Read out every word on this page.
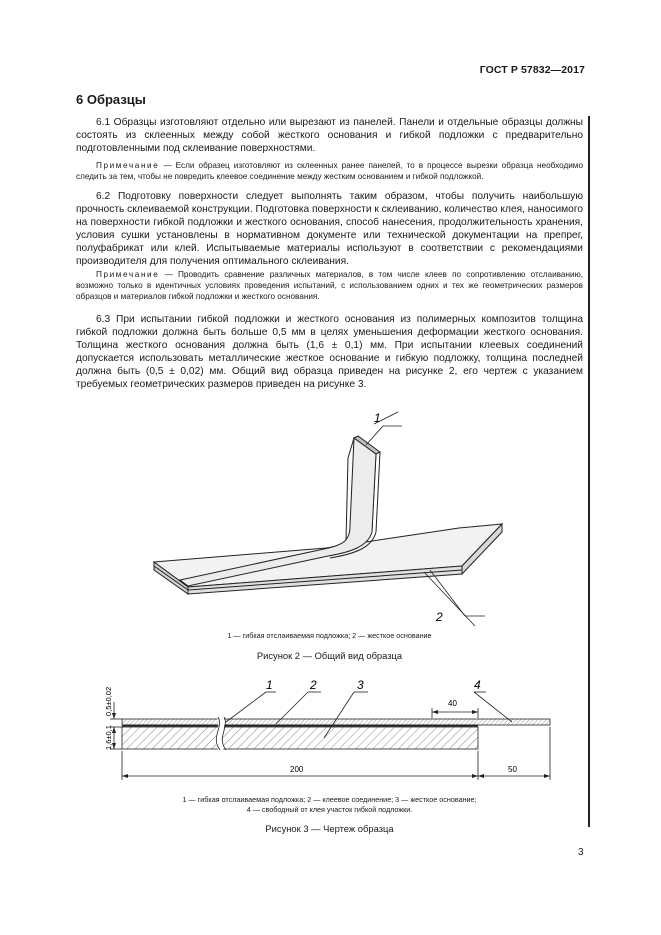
ГОСТ Р 57832—2017
6 Образцы

6.1 Образцы изготовляют отдельно или вырезают из панелей. Панели и отдельные образцы должны состоять из склеенных между собой жесткого основания и гибкой подложки с предварительно подготовленными под склеивание поверхностями.

Примечание — Если образец изготовляют из склеенных ранее панелей, то в процессе вырезки образца необходимо следить за тем, чтобы не повредить клеевое соединение между жестким основанием и гибкой подложкой.

6.2 Подготовку поверхности следует выполнять таким образом, чтобы получить наибольшую прочность склеиваемой конструкции. Подготовка поверхности к склеиванию, количество клея, наносимого на поверхности гибкой подложки и жесткого основания, способ нанесения, продолжительность хранения, условия сушки установлены в нормативном документе или технической документации на препрег, полуфабрикат или клей. Испытываемые материалы используют в соответствии с рекомендациями производителя для получения оптимального склеивания.

Примечание — Проводить сравнение различных материалов, в том числе клеев по сопротивлению отслаиванию, возможно только в идентичных условиях проведения испытаний, с использованием одних и тех же геометрических размеров образцов и материалов гибкой подложки и жесткого основания.

6.3 При испытании гибкой подложки и жесткого основания из полимерных композитов толщина гибкой подложки должна быть больше 0,5 мм в целях уменьшения деформации жесткого основания. Толщина жесткого основания должна быть (1,6 ± 0,1) мм. При испытании клеевых соединений допускается использовать металлические жесткое основание и гибкую подложку, толщина последней должна быть (0,5 ± 0,02) мм. Общий вид образца приведен на рисунке 2, его чертеж с указанием требуемых геометрических размеров приведен на рисунке 3.

1
2
1 — гибкая отслаиваемая подложка; 2 — жесткое основание
Рисунок 2 — Общий вид образца
1	2	3	4
40
200	50
0,5±0,02
1,6±0,1
1 — гибкая отслаиваемая подложка; 2 — клеевое соединение; 3 — жесткое основание;
4 — свободный от клея участок гибкой подложки.
Рисунок 3 — Чертеж образца
3
